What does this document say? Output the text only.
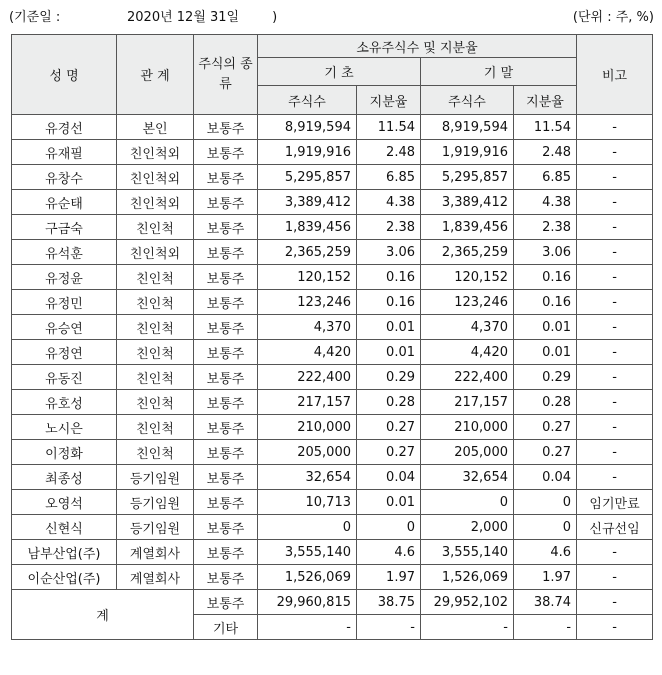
(기준일 :	2020년 12월 31일	)	(단위 : 주, %)
성 명	관 계	주식의 종류	소유주식수 및 지분율				비고
			기 초		기 말		
			주식수	지분율	주식수	지분율	
유경선	본인	보통주	8,919,594	11.54	8,919,594	11.54	-
유재필	친인척외	보통주	1,919,916	2.48	1,919,916	2.48	-
유창수	친인척외	보통주	5,295,857	6.85	5,295,857	6.85	-
유순태	친인척외	보통주	3,389,412	4.38	3,389,412	4.38	-
구금숙	친인척	보통주	1,839,456	2.38	1,839,456	2.38	-
유석훈	친인척외	보통주	2,365,259	3.06	2,365,259	3.06	-
유정윤	친인척	보통주	120,152	0.16	120,152	0.16	-
유정민	친인척	보통주	123,246	0.16	123,246	0.16	-
유승연	친인척	보통주	4,370	0.01	4,370	0.01	-
유정연	친인척	보통주	4,420	0.01	4,420	0.01	-
유동진	친인척	보통주	222,400	0.29	222,400	0.29	-
유호성	친인척	보통주	217,157	0.28	217,157	0.28	-
노시은	친인척	보통주	210,000	0.27	210,000	0.27	-
이정화	친인척	보통주	205,000	0.27	205,000	0.27	-
최종성	등기임원	보통주	32,654	0.04	32,654	0.04	-
오영석	등기임원	보통주	10,713	0.01	0	0	임기만료
신현식	등기임원	보통주	0	0	2,000	0	신규선임
남부산업(주)	계열회사	보통주	3,555,140	4.6	3,555,140	4.6	-
이순산업(주)	계열회사	보통주	1,526,069	1.97	1,526,069	1.97	-
계		보통주	29,960,815	38.75	29,952,102	38.74	-
		기타	-	-	-	-	-
